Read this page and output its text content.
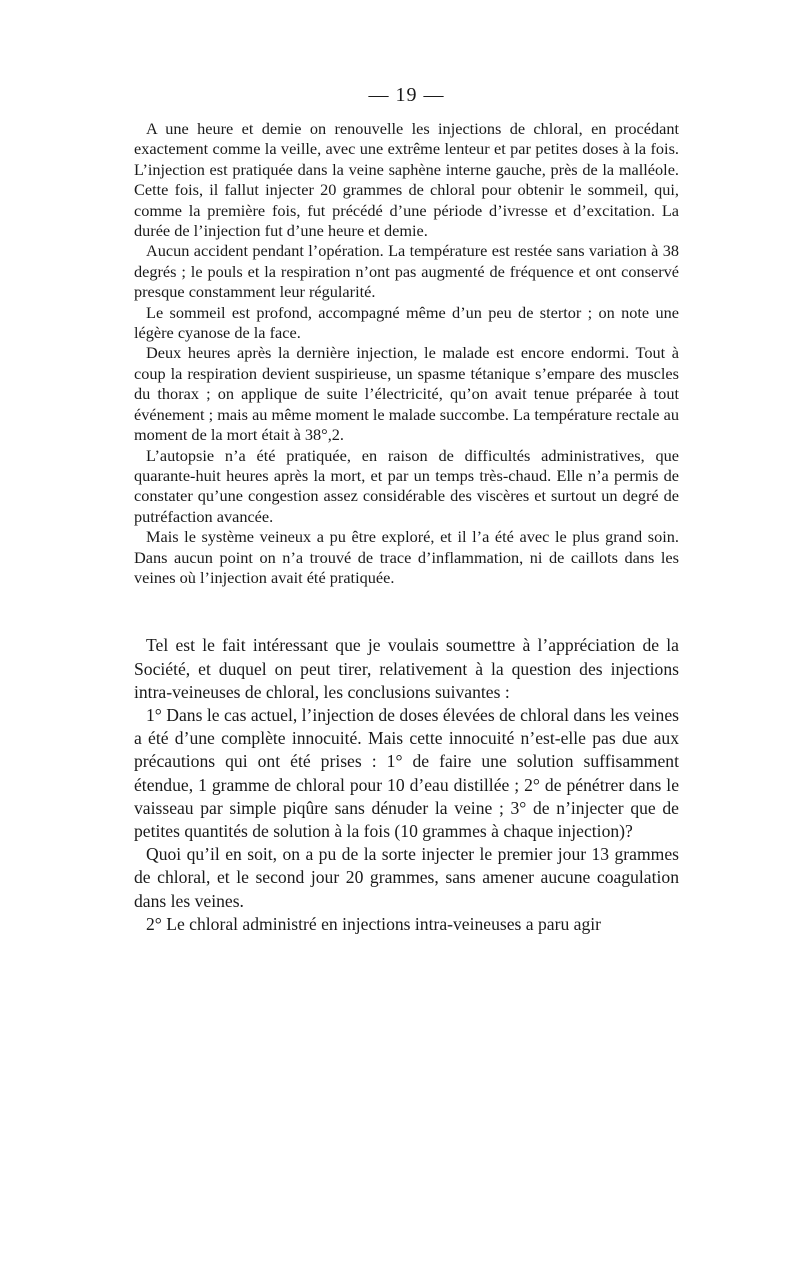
— 19 —

A une heure et demie on renouvelle les injections de chloral, en procédant exactement comme la veille, avec une extrême lenteur et par petites doses à la fois. L’injection est pratiquée dans la veine saphène interne gauche, près de la malléole. Cette fois, il fallut injecter 20 grammes de chloral pour obtenir le sommeil, qui, comme la première fois, fut précédé d’une période d’ivresse et d’excitation. La durée de l’injection fut d’une heure et demie.

Aucun accident pendant l’opération. La température est restée sans variation à 38 degrés ; le pouls et la respiration n’ont pas augmenté de fréquence et ont conservé presque constamment leur régularité.

Le sommeil est profond, accompagné même d’un peu de stertor ; on note une légère cyanose de la face.

Deux heures après la dernière injection, le malade est encore endormi. Tout à coup la respiration devient suspirieuse, un spasme tétanique s’empare des muscles du thorax ; on applique de suite l’électricité, qu’on avait tenue préparée à tout événement ; mais au même moment le malade succombe. La température rectale au moment de la mort était à 38°,2.

L’autopsie n’a été pratiquée, en raison de difficultés administratives, que quarante-huit heures après la mort, et par un temps très-chaud. Elle n’a permis de constater qu’une congestion assez considérable des viscères et surtout un degré de putréfaction avancée.

Mais le système veineux a pu être exploré, et il l’a été avec le plus grand soin. Dans aucun point on n’a trouvé de trace d’inflammation, ni de caillots dans les veines où l’injection avait été pratiquée.

Tel est le fait intéressant que je voulais soumettre à l’appréciation de la Société, et duquel on peut tirer, relativement à la question des injections intra-veineuses de chloral, les conclusions suivantes :

1° Dans le cas actuel, l’injection de doses élevées de chloral dans les veines a été d’une complète innocuité. Mais cette innocuité n’est-elle pas due aux précautions qui ont été prises : 1° de faire une solution suffisamment étendue, 1 gramme de chloral pour 10 d’eau distillée ; 2° de pénétrer dans le vaisseau par simple piqûre sans dénuder la veine ; 3° de n’injecter que de petites quantités de solution à la fois (10 grammes à chaque injection)?

Quoi qu’il en soit, on a pu de la sorte injecter le premier jour 13 grammes de chloral, et le second jour 20 grammes, sans amener aucune coagulation dans les veines.

2° Le chloral administré en injections intra-veineuses a paru agir
